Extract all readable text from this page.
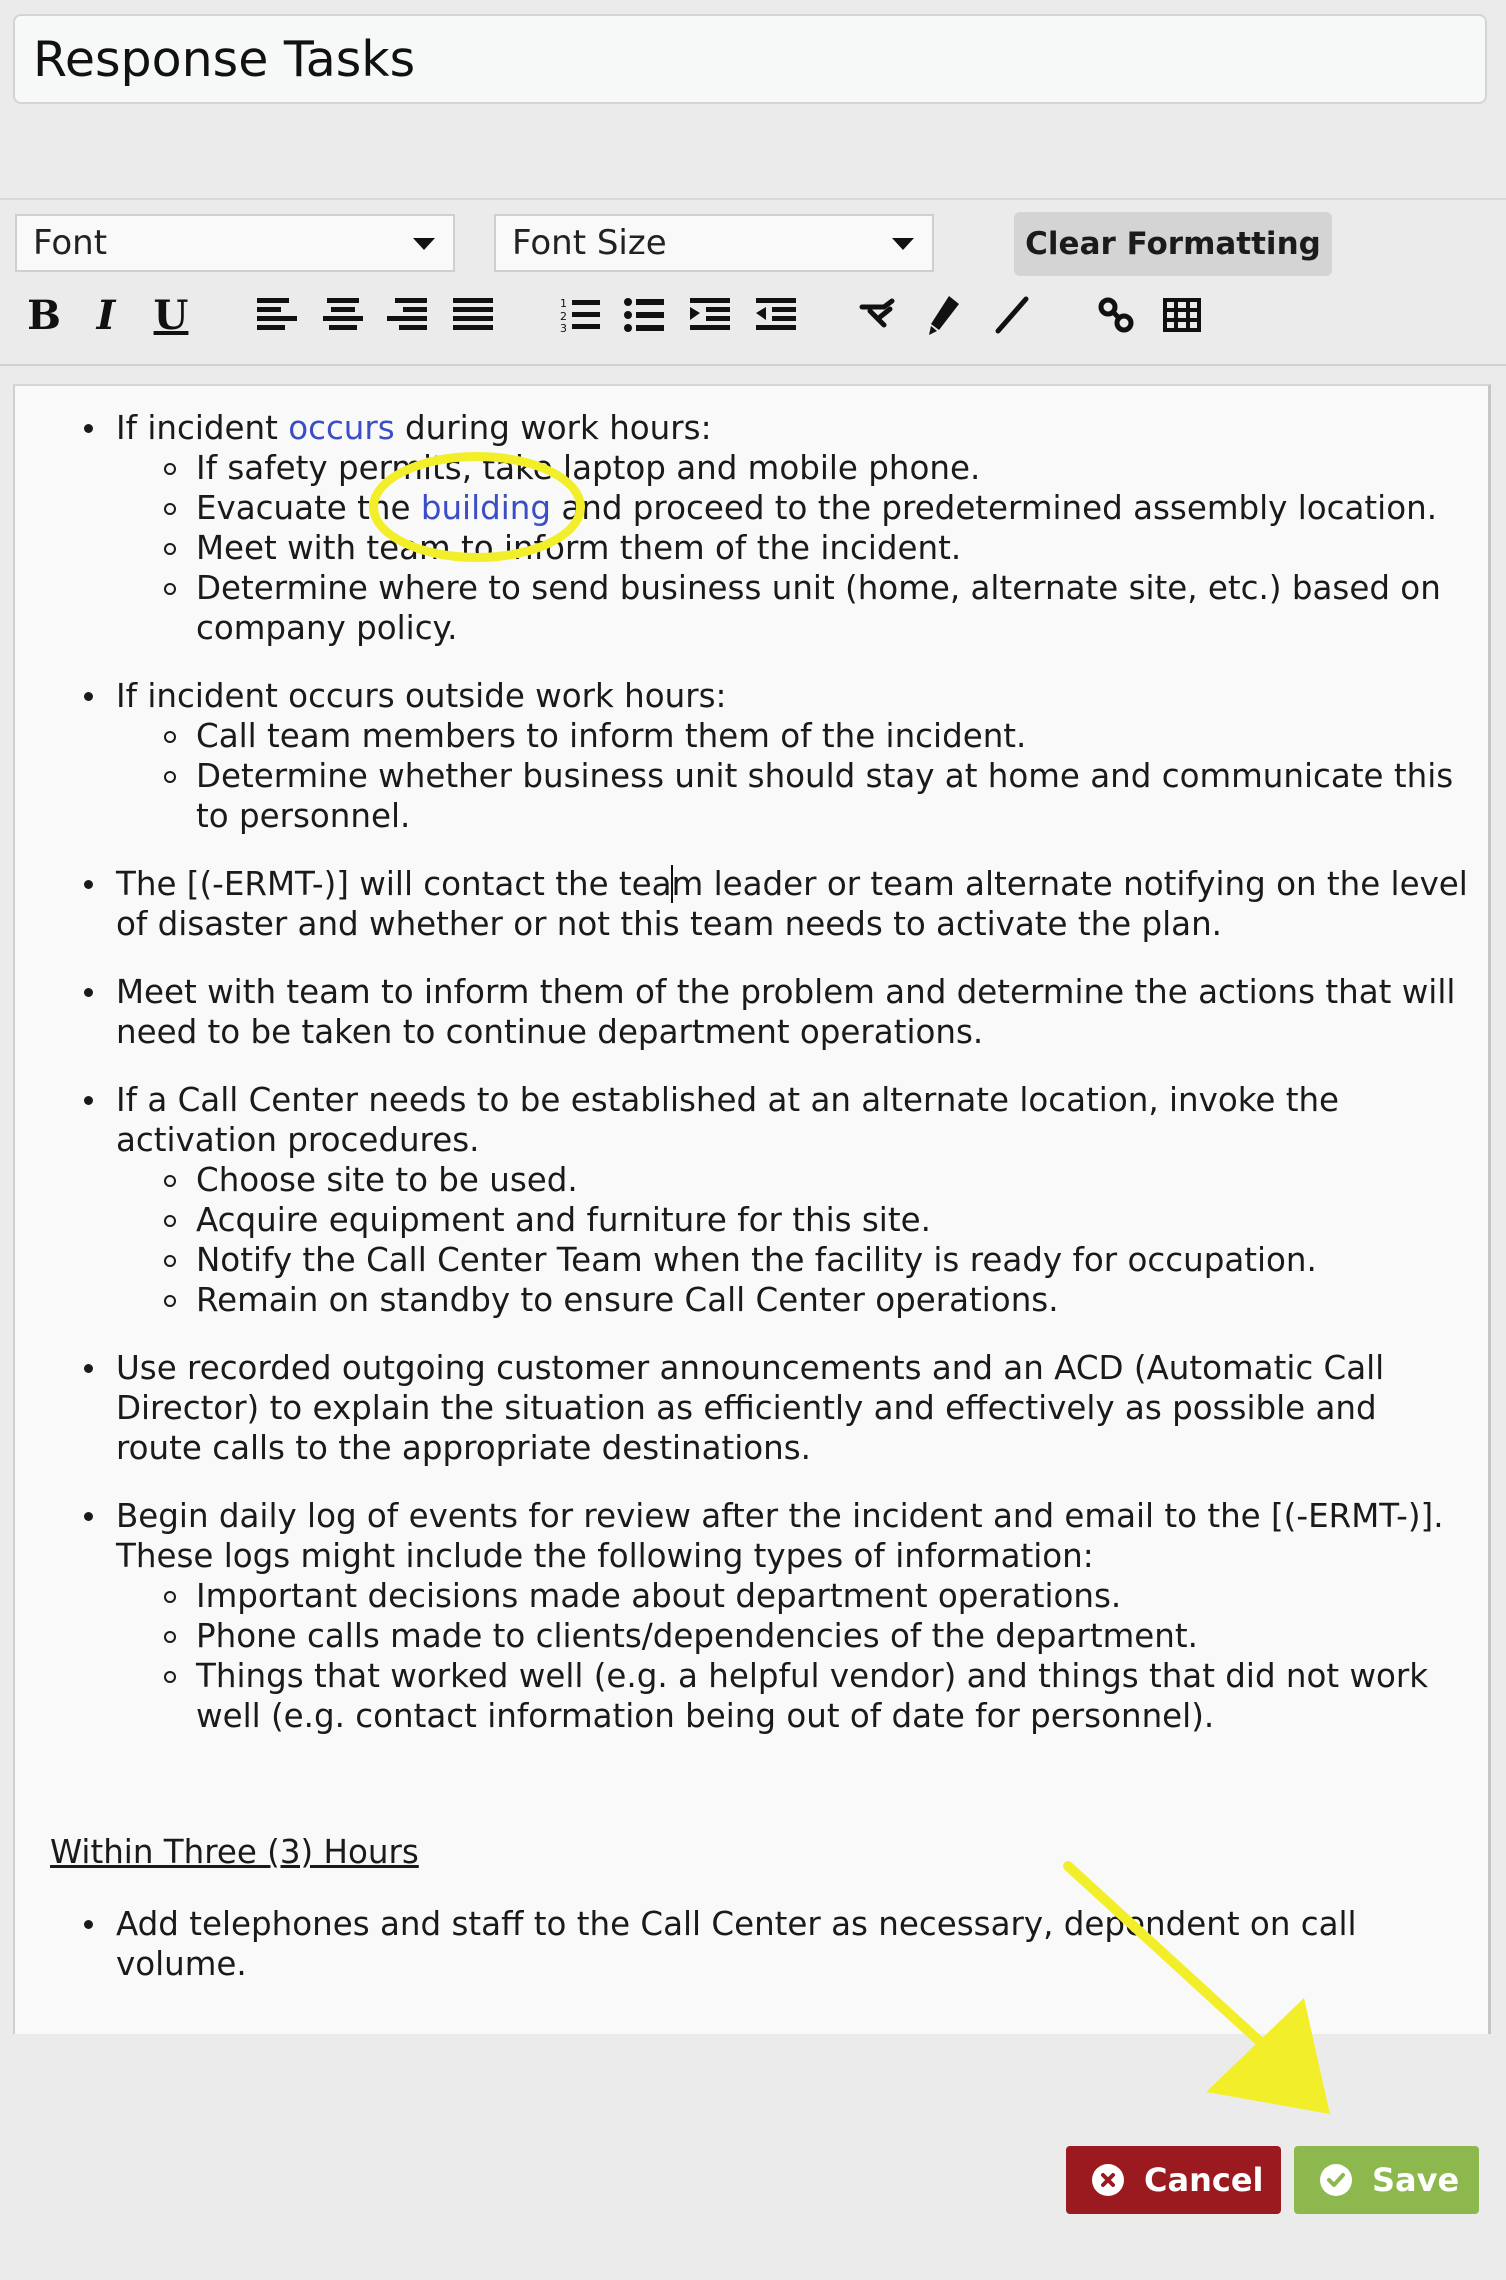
Response Tasks
Font	Font Size	Clear Formatting
B I U	1
2
3
If incident occurs during work hours:
If safety permits, take laptop and mobile phone.
Evacuate the building and proceed to the predetermined assembly location.
Meet with team to inform them of the incident.
Determine where to send business unit (home, alternate site, etc.) based on company policy.
If incident occurs outside work hours:
Call team members to inform them of the incident.
Determine whether business unit should stay at home and communicate this to personnel.
The [(-ERMT-)] will contact the team leader or team alternate notifying on the level of disaster and whether or not this team needs to activate the plan.
Meet with team to inform them of the problem and determine the actions that will need to be taken to continue department operations.
If a Call Center needs to be established at an alternate location, invoke the activation procedures.
Choose site to be used.
Acquire equipment and furniture for this site.
Notify the Call Center Team when the facility is ready for occupation.
Remain on standby to ensure Call Center operations.
Use recorded outgoing customer announcements and an ACD (Automatic Call Director) to explain the situation as efficiently and effectively as possible and route calls to the appropriate destinations.
Begin daily log of events for review after the incident and email to the [(-ERMT-)]. These logs might include the following types of information:
Important decisions made about department operations.
Phone calls made to clients/dependencies of the department.
Things that worked well (e.g. a helpful vendor) and things that did not work well (e.g. contact information being out of date for personnel).
Within Three (3) Hours
Add telephones and staff to the Call Center as necessary, dependent on call volume.
Cancel	Save
